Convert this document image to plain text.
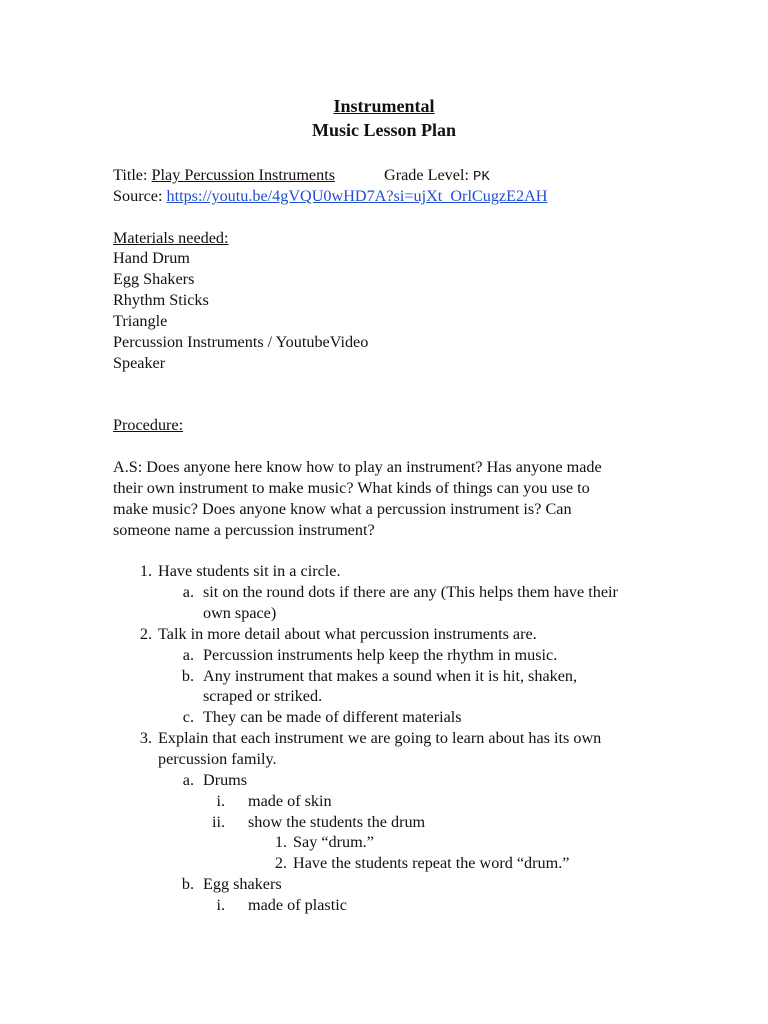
Instrumental
Music Lesson Plan
Title: Play Percussion Instruments	Grade Level: PK
Source: https://youtu.be/4gVQU0wHD7A?si=ujXt_OrlCugzE2AH
Materials needed:
Hand Drum
Egg Shakers
Rhythm Sticks
Triangle
Percussion Instruments / YoutubeVideo
Speaker
Procedure:
A.S: Does anyone here know how to play an instrument? Has anyone made
their own instrument to make music? What kinds of things can you use to
make music? Does anyone know what a percussion instrument is? Can
someone name a percussion instrument?
1. Have students sit in a circle.
a. sit on the round dots if there are any (This helps them have their
own space)
2. Talk in more detail about what percussion instruments are.
a. Percussion instruments help keep the rhythm in music.
b. Any instrument that makes a sound when it is hit, shaken,
scraped or striked.
c. They can be made of different materials
3. Explain that each instrument we are going to learn about has its own
percussion family.
a. Drums
i. made of skin
ii. show the students the drum
1. Say “drum.”
2. Have the students repeat the word “drum.”
b. Egg shakers
i. made of plastic
